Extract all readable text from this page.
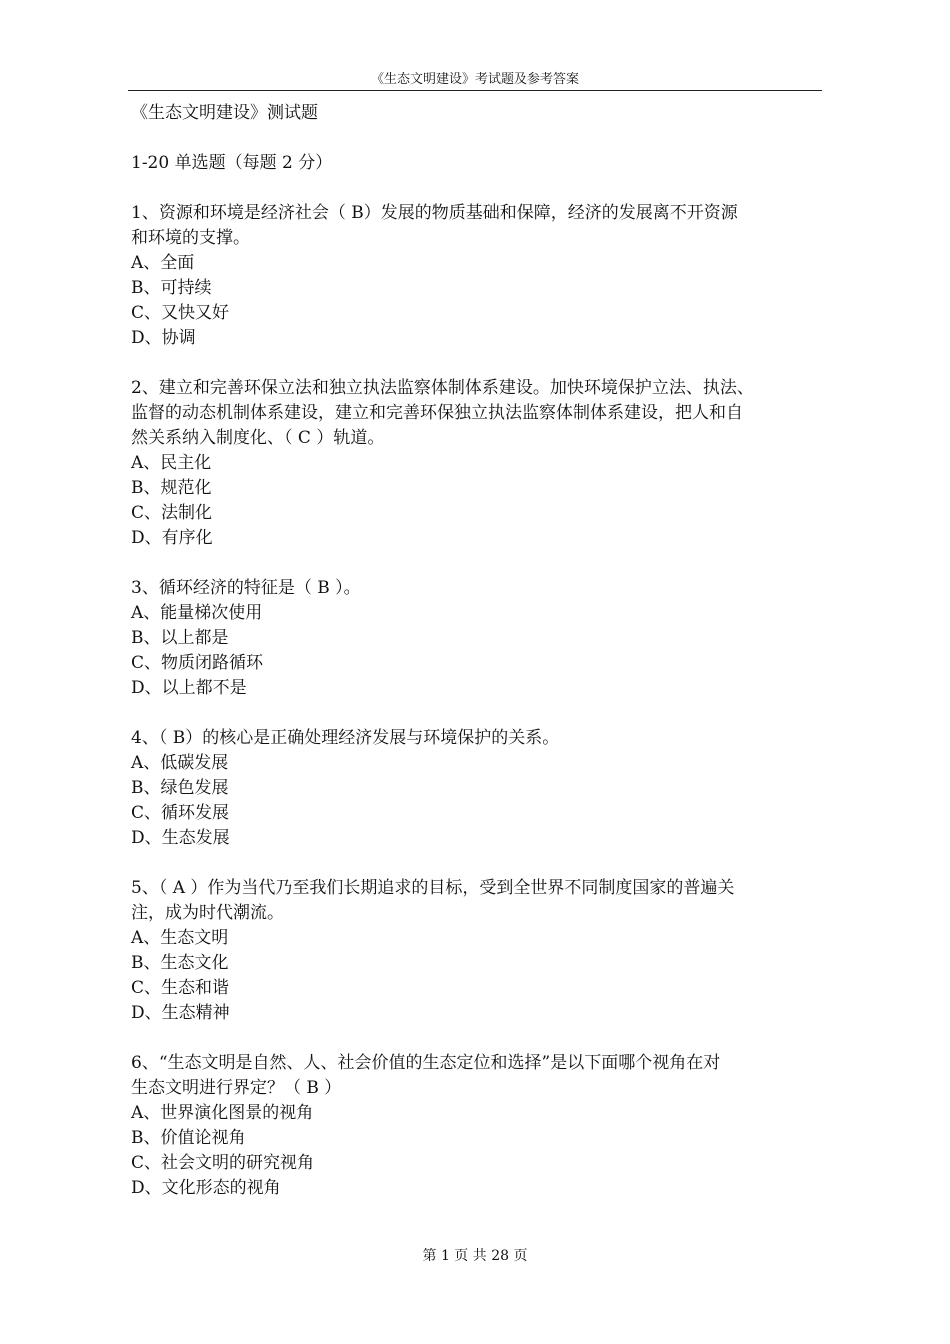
《生态文明建设》考试题及参考答案
《生态文明建设》测试题
1-20 单选题（每题 2 分）
1、资源和环境是经济社会（ B）发展的物质基础和保障，经济的发展离不开资源
和环境的支撑。
A、全面
B、可持续
C、又快又好
D、协调
2、建立和完善环保立法和独立执法监察体制体系建设。加快环境保护立法、执法、
监督的动态机制体系建设，建立和完善环保独立执法监察体制体系建设，把人和自
然关系纳入制度化、（ C ）轨道。
A、民主化
B、规范化
C、法制化
D、有序化
3、循环经济的特征是（ B ）。
A、能量梯次使用
B、以上都是
C、物质闭路循环
D、以上都不是
4、（ B）的核心是正确处理经济发展与环境保护的关系。
A、低碳发展
B、绿色发展
C、循环发展
D、生态发展
5、（ A ）作为当代乃至我们长期追求的目标，受到全世界不同制度国家的普遍关
注，成为时代潮流。
A、生态文明
B、生态文化
C、生态和谐
D、生态精神
6、“生态文明是自然、人、社会价值的生态定位和选择”是以下面哪个视角在对
生态文明进行界定？（ B ）
A、世界演化图景的视角
B、价值论视角
C、社会文明的研究视角
D、文化形态的视角
第 1 页 共 28 页
